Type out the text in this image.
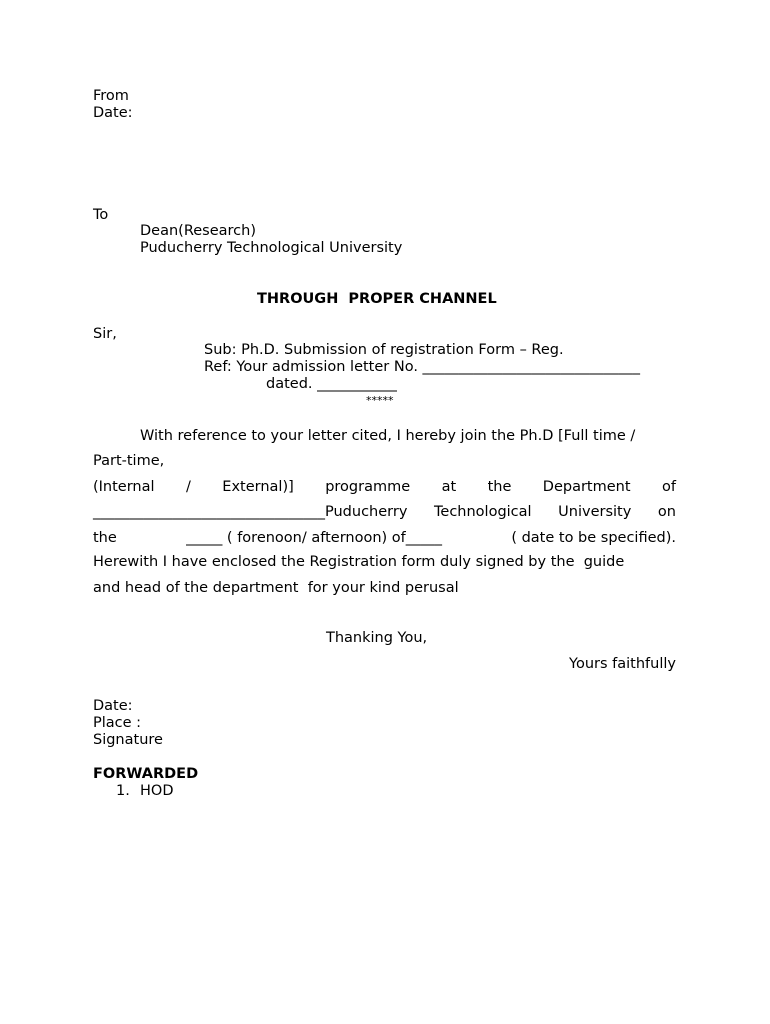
From
Date:
To
Dean(Research)
Puducherry Technological University
THROUGH  PROPER CHANNEL
Sir,
Sub: Ph.D. Submission of registration Form – Reg.
Ref: Your admission letter No. ______________________________
dated. ___________
*****
With reference to your letter cited, I hereby join the Ph.D [Full time /
Part-time,
(Internal / External)] programme at the Department of
________________________________Puducherry Technological University on
the	_____ ( forenoon/ afternoon) of_____	( date to be specified).
Herewith I have enclosed the Registration form duly signed by the  guide
and head of the department  for your kind perusal
Thanking You,
Yours faithfully
Date:
Place :
Signature
FORWARDED
1. HOD
